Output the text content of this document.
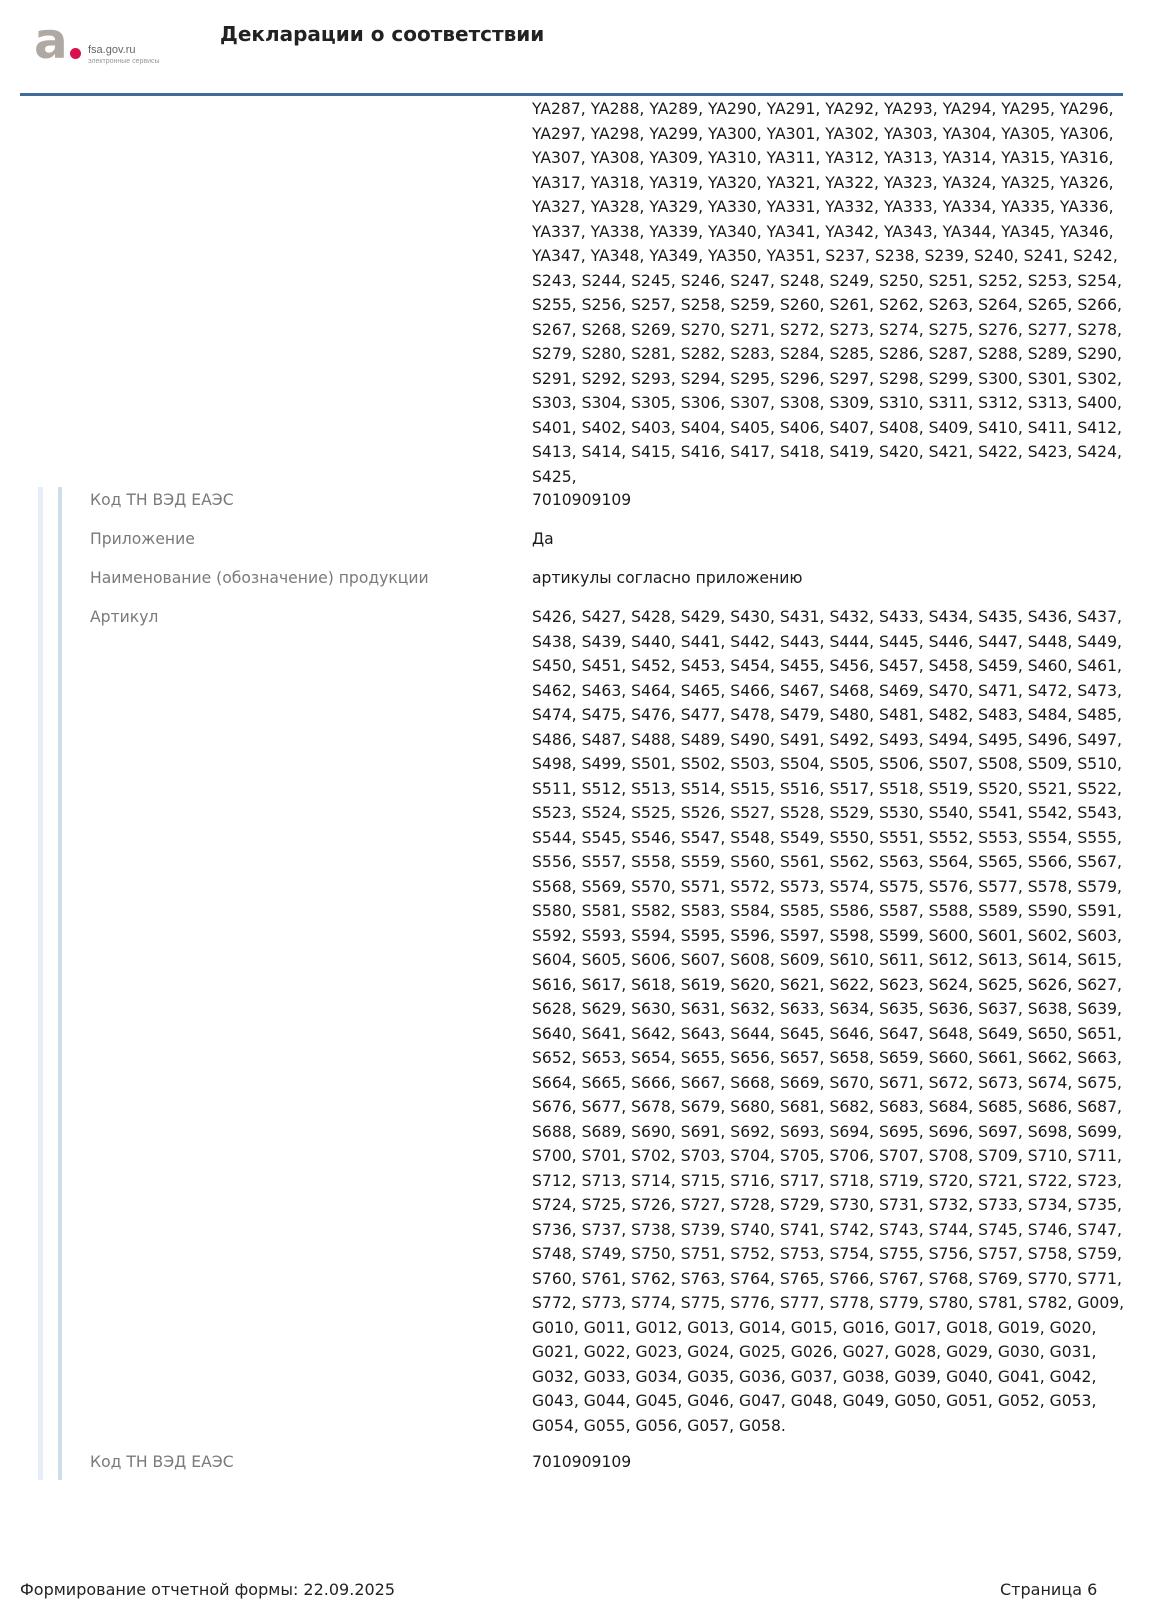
a fsa.gov.ru
электронные сервисы
Декларации о соответствии
YA287, YA288, YA289, YA290, YA291, YA292, YA293, YA294, YA295, YA296, YA297, YA298, YA299, YA300, YA301, YA302, YA303, YA304, YA305, YA306, YA307, YA308, YA309, YA310, YA311, YA312, YA313, YA314, YA315, YA316, YA317, YA318, YA319, YA320, YA321, YA322, YA323, YA324, YA325, YA326, YA327, YA328, YA329, YA330, YA331, YA332, YA333, YA334, YA335, YA336, YA337, YA338, YA339, YA340, YA341, YA342, YA343, YA344, YA345, YA346, YA347, YA348, YA349, YA350, YA351, S237, S238, S239, S240, S241, S242, S243, S244, S245, S246, S247, S248, S249, S250, S251, S252, S253, S254, S255, S256, S257, S258, S259, S260, S261, S262, S263, S264, S265, S266, S267, S268, S269, S270, S271, S272, S273, S274, S275, S276, S277, S278, S279, S280, S281, S282, S283, S284, S285, S286, S287, S288, S289, S290, S291, S292, S293, S294, S295, S296, S297, S298, S299, S300, S301, S302, S303, S304, S305, S306, S307, S308, S309, S310, S311, S312, S313, S400, S401, S402, S403, S404, S405, S406, S407, S408, S409, S410, S411, S412, S413, S414, S415, S416, S417, S418, S419, S420, S421, S422, S423, S424, S425,
Код ТН ВЭД ЕАЭС	7010909109
Приложение	Да
Наименование (обозначение) продукции	артикулы согласно приложению
Артикул	S426, S427, S428, S429, S430, S431, S432, S433, S434, S435, S436, S437, S438, S439, S440, S441, S442, S443, S444, S445, S446, S447, S448, S449, S450, S451, S452, S453, S454, S455, S456, S457, S458, S459, S460, S461, S462, S463, S464, S465, S466, S467, S468, S469, S470, S471, S472, S473, S474, S475, S476, S477, S478, S479, S480, S481, S482, S483, S484, S485, S486, S487, S488, S489, S490, S491, S492, S493, S494, S495, S496, S497, S498, S499, S501, S502, S503, S504, S505, S506, S507, S508, S509, S510, S511, S512, S513, S514, S515, S516, S517, S518, S519, S520, S521, S522, S523, S524, S525, S526, S527, S528, S529, S530, S540, S541, S542, S543, S544, S545, S546, S547, S548, S549, S550, S551, S552, S553, S554, S555, S556, S557, S558, S559, S560, S561, S562, S563, S564, S565, S566, S567, S568, S569, S570, S571, S572, S573, S574, S575, S576, S577, S578, S579, S580, S581, S582, S583, S584, S585, S586, S587, S588, S589, S590, S591, S592, S593, S594, S595, S596, S597, S598, S599, S600, S601, S602, S603, S604, S605, S606, S607, S608, S609, S610, S611, S612, S613, S614, S615, S616, S617, S618, S619, S620, S621, S622, S623, S624, S625, S626, S627, S628, S629, S630, S631, S632, S633, S634, S635, S636, S637, S638, S639, S640, S641, S642, S643, S644, S645, S646, S647, S648, S649, S650, S651, S652, S653, S654, S655, S656, S657, S658, S659, S660, S661, S662, S663, S664, S665, S666, S667, S668, S669, S670, S671, S672, S673, S674, S675, S676, S677, S678, S679, S680, S681, S682, S683, S684, S685, S686, S687, S688, S689, S690, S691, S692, S693, S694, S695, S696, S697, S698, S699, S700, S701, S702, S703, S704, S705, S706, S707, S708, S709, S710, S711, S712, S713, S714, S715, S716, S717, S718, S719, S720, S721, S722, S723, S724, S725, S726, S727, S728, S729, S730, S731, S732, S733, S734, S735, S736, S737, S738, S739, S740, S741, S742, S743, S744, S745, S746, S747, S748, S749, S750, S751, S752, S753, S754, S755, S756, S757, S758, S759, S760, S761, S762, S763, S764, S765, S766, S767, S768, S769, S770, S771, S772, S773, S774, S775, S776, S777, S778, S779, S780, S781, S782, G009, G010, G011, G012, G013, G014, G015, G016, G017, G018, G019, G020, G021, G022, G023, G024, G025, G026, G027, G028, G029, G030, G031, G032, G033, G034, G035, G036, G037, G038, G039, G040, G041, G042, G043, G044, G045, G046, G047, G048, G049, G050, G051, G052, G053, G054, G055, G056, G057, G058.
Код ТН ВЭД ЕАЭС	7010909109
Формирование отчетной формы: 22.09.2025	Страница 6
